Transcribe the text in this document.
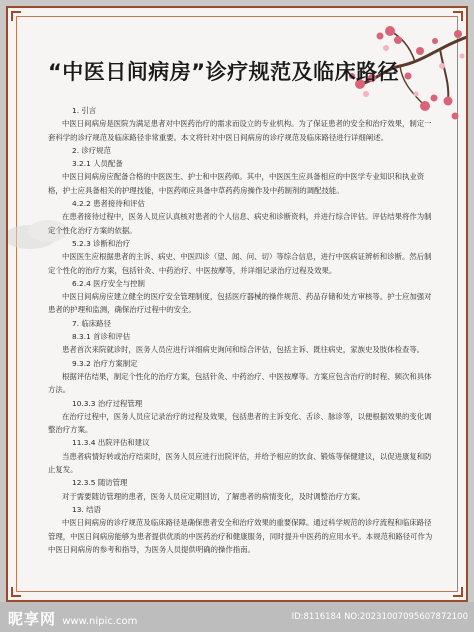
“中医日间病房”诊疗规范及临床路径

1. 引言

中医日间病房是医院为满足患者对中医药治疗的需求而设立的专业机构。为了保证患者的安全和治疗效果，制定一套科学的诊疗规范及临床路径非常重要。本文将针对中医日间病房的诊疗规范及临床路径进行详细阐述。

2. 诊疗规范

3.2.1 人员配备

中医日间病房应配备合格的中医医生、护士和中医药师。其中，中医医生应具备相应的中医学专业知识和执业资格，护士应具备相关的护理技能，中医药师应具备中草药药房操作及中药制剂的调配技能。

4.2.2 患者接待和评估

在患者接待过程中，医务人员应认真核对患者的个人信息、病史和诊断资料，并进行综合评估。评估结果将作为制定个性化治疗方案的依据。

5.2.3 诊断和治疗

中医医生应根据患者的主诉、病史、中医四诊（望、闻、问、切）等综合信息，进行中医病证辨析和诊断。然后制定个性化的治疗方案，包括针灸、中药治疗、中医按摩等，并详细记录治疗过程及效果。

6.2.4 医疗安全与控制

中医日间病房应建立健全的医疗安全管理制度，包括医疗器械的操作规范、药品存储和处方审核等。护士应加强对患者的护理和监测，确保治疗过程中的安全。

7. 临床路径

8.3.1 首诊和评估

患者首次来院就诊时，医务人员应进行详细病史询问和综合评估，包括主诉、既往病史，家族史及肢体检查等。

9.3.2 治疗方案制定

根据评估结果，制定个性化的治疗方案，包括针灸、中药治疗、中医按摩等。方案应包含治疗的时程、频次和具体方法。

10.3.3 治疗过程管理

在治疗过程中，医务人员应记录治疗的过程及效果，包括患者的主诉变化、舌诊、脉诊等，以便根据效果的变化调整治疗方案。

11.3.4 出院评估和建议

当患者病情好转或治疗结束时，医务人员应进行出院评估，并给予相应的饮食、锻炼等保健建议，以促进康复和防止复发。

12.3.5 随访管理

对于需要随访管理的患者，医务人员应定期回访，了解患者的病情变化，及时调整治疗方案。

13. 结语

中医日间病房的诊疗规范及临床路径是确保患者安全和治疗效果的重要保障。通过科学规范的诊疗流程和临床路径管理，中医日间病房能够为患者提供优质的中医药治疗和健康服务，同时提升中医药的应用水平。本规范和路径可作为中医日间病房的参考和指导，为医务人员提供明确的操作指南。

昵享网 www.nipic.com	ID:8116184 NO:20231007095607872100
